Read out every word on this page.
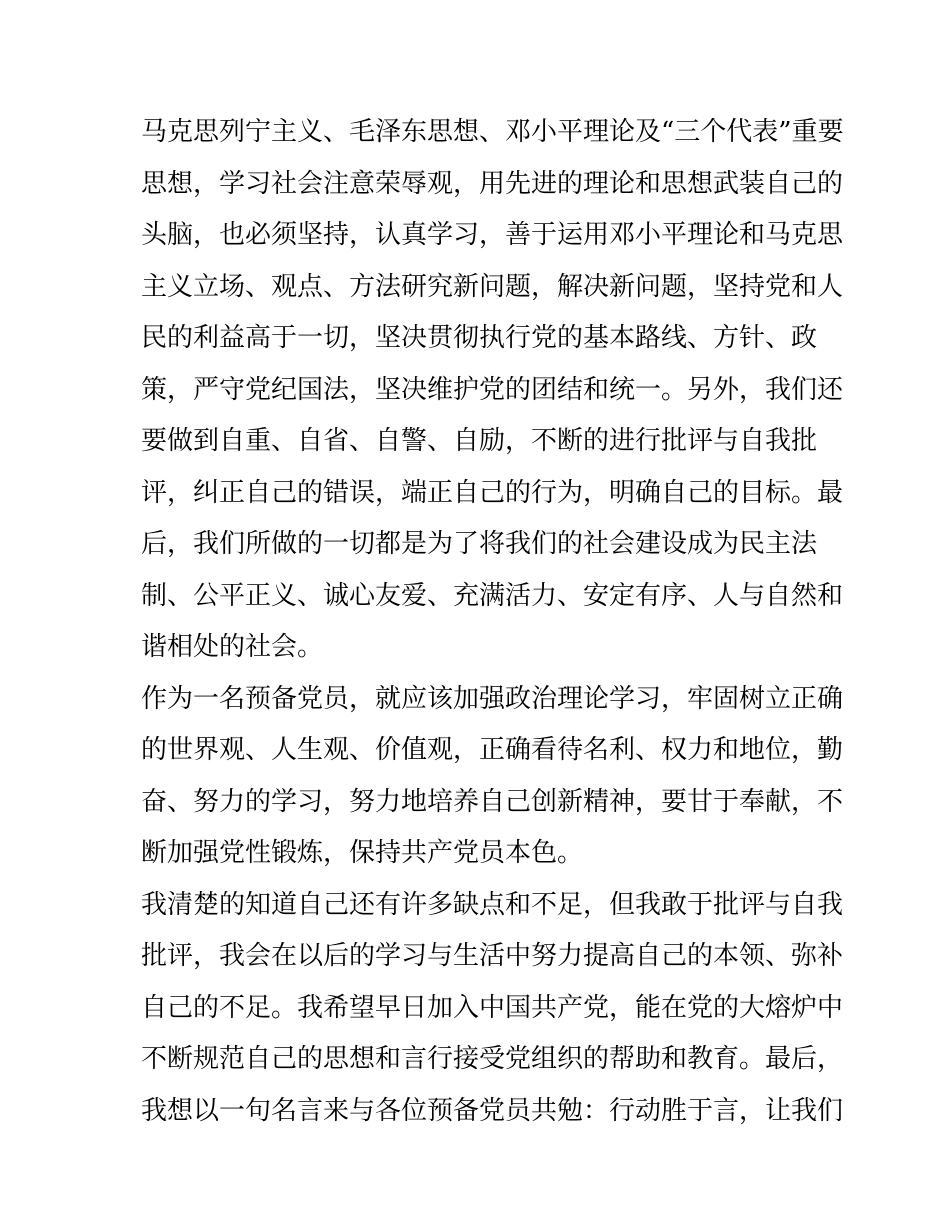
马克思列宁主义、毛泽东思想、邓小平理论及“三个代表”重要
思想，学习社会注意荣辱观，用先进的理论和思想武装自己的
头脑，也必须坚持，认真学习，善于运用邓小平理论和马克思
主义立场、观点、方法研究新问题，解决新问题，坚持党和人
民的利益高于一切，坚决贯彻执行党的基本路线、方针、政
策，严守党纪国法，坚决维护党的团结和统一。另外，我们还
要做到自重、自省、自警、自励，不断的进行批评与自我批
评，纠正自己的错误，端正自己的行为，明确自己的目标。最
后，我们所做的一切都是为了将我们的社会建设成为民主法
制、公平正义、诚心友爱、充满活力、安定有序、人与自然和
谐相处的社会。
作为一名预备党员，就应该加强政治理论学习，牢固树立正确
的世界观、人生观、价值观，正确看待名利、权力和地位，勤
奋、努力的学习，努力地培养自己创新精神，要甘于奉献，不
断加强党性锻炼，保持共产党员本色。
我清楚的知道自己还有许多缺点和不足，但我敢于批评与自我
批评，我会在以后的学习与生活中努力提高自己的本领、弥补
自己的不足。我希望早日加入中国共产党，能在党的大熔炉中
不断规范自己的思想和言行接受党组织的帮助和教育。最后，
我想以一句名言来与各位预备党员共勉：行动胜于言，让我们
